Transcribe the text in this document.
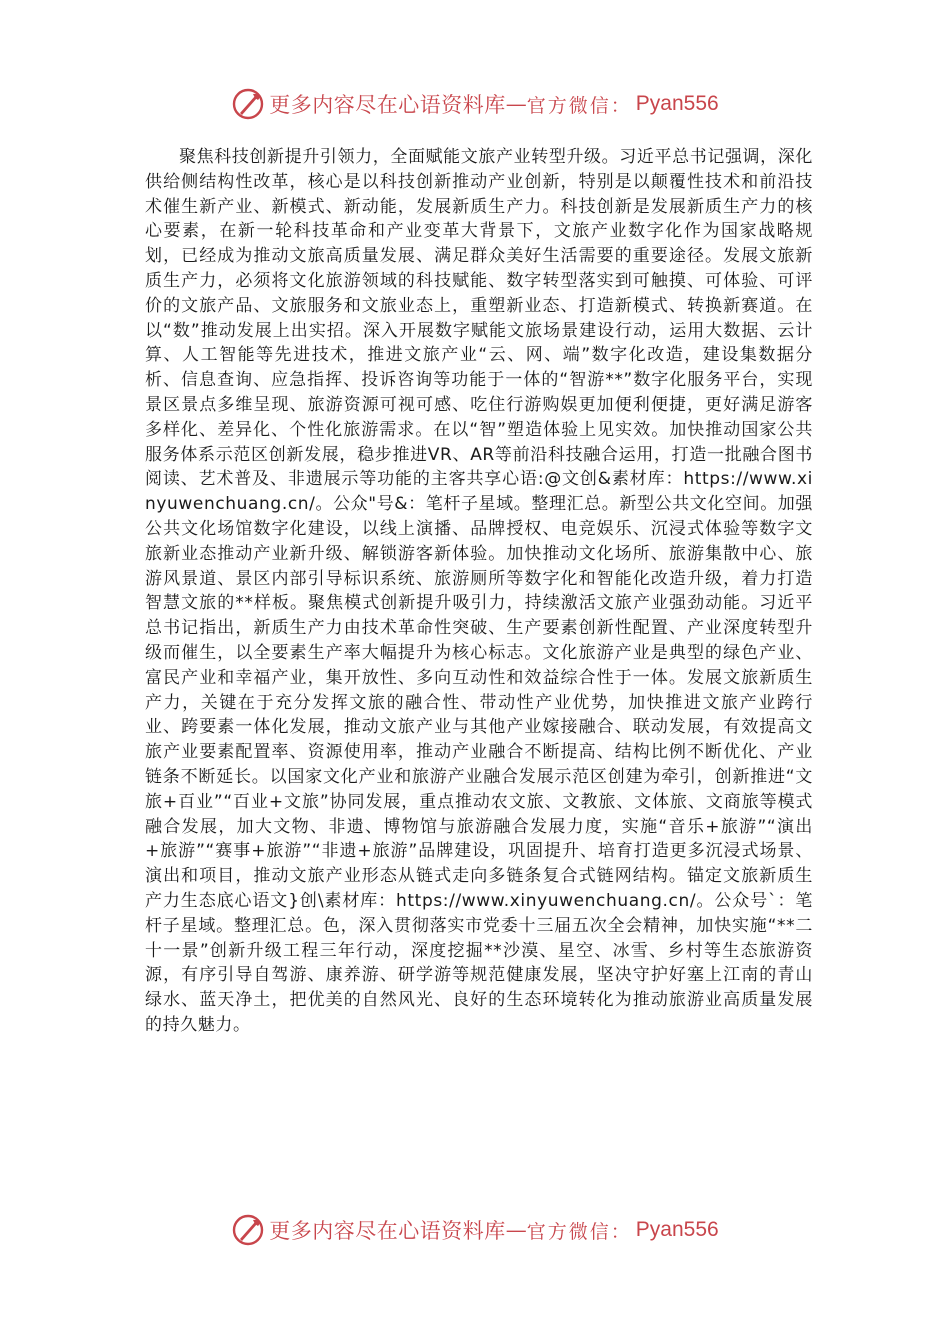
更多内容尽在心语资料库 — 官方微信： Pyan556

聚焦科技创新提升引领力，全面赋能文旅产业转型升级。习近平总书记强调，深化供给侧结构性改革，核心是以科技创新推动产业创新，特别是以颠覆性技术和前沿技术催生新产业、新模式、新动能，发展新质生产力。科技创新是发展新质生产力的核心要素，在新一轮科技革命和产业变革大背景下，文旅产业数字化作为国家战略规划，已经成为推动文旅高质量发展、满足群众美好生活需要的重要途径。发展文旅新质生产力，必须将文化旅游领域的科技赋能、数字转型落实到可触摸、可体验、可评价的文旅产品、文旅服务和文旅业态上，重塑新业态、打造新模式、转换新赛道。在以“数”推动发展上出实招。深入开展数字赋能文旅场景建设行动，运用大数据、云计算、人工智能等先进技术，推进文旅产业“云、网、端”数字化改造，建设集数据分析、信息查询、应急指挥、投诉咨询等功能于一体的“智游**”数字化服务平台，实现景区景点多维呈现、旅游资源可视可感、吃住行游购娱更加便利便捷，更好满足游客多样化、差异化、个性化旅游需求。在以“智”塑造体验上见实效。加快推动国家公共服务体系示范区创新发展，稳步推进VR、AR等前沿科技融合运用，打造一批融合图书阅读、艺术普及、非遗展示等功能的主客共享心语:@文创&素材库：https://www.xinyuwenchuang.cn/。公众"号&：笔杆子星域。整理汇总。新型公共文化空间。加强公共文化场馆数字化建设，以线上演播、品牌授权、电竞娱乐、沉浸式体验等数字文旅新业态推动产业新升级、解锁游客新体验。加快推动文化场所、旅游集散中心、旅游风景道、景区内部引导标识系统、旅游厕所等数字化和智能化改造升级，着力打造智慧文旅的**样板。聚焦模式创新提升吸引力，持续激活文旅产业强劲动能。习近平总书记指出，新质生产力由技术革命性突破、生产要素创新性配置、产业深度转型升级而催生，以全要素生产率大幅提升为核心标志。文化旅游产业是典型的绿色产业、富民产业和幸福产业，集开放性、多向互动性和效益综合性于一体。发展文旅新质生产力，关键在于充分发挥文旅的融合性、带动性产业优势，加快推进文旅产业跨行业、跨要素一体化发展，推动文旅产业与其他产业嫁接融合、联动发展，有效提高文旅产业要素配置率、资源使用率，推动产业融合不断提高、结构比例不断优化、产业链条不断延长。以国家文化产业和旅游产业融合发展示范区创建为牵引，创新推进“文旅+百业”“百业+文旅”协同发展，重点推动农文旅、文教旅、文体旅、文商旅等模式融合发展，加大文物、非遗、博物馆与旅游融合发展力度，实施“音乐+旅游”“演出+旅游”“赛事+旅游”“非遗+旅游”品牌建设，巩固提升、培育打造更多沉浸式场景、演出和项目，推动文旅产业形态从链式走向多链条复合式链网结构。锚定文旅新质生产力生态底心语文}创\素材库：https://www.xinyuwenchuang.cn/。公众号`：笔杆子星域。整理汇总。色，深入贯彻落实市党委十三届五次全会精神，加快实施“**二十一景”创新升级工程三年行动，深度挖掘**沙漠、星空、冰雪、乡村等生态旅游资源，有序引导自驾游、康养游、研学游等规范健康发展，坚决守护好塞上江南的青山绿水、蓝天净土，把优美的自然风光、良好的生态环境转化为推动旅游业高质量发展的持久魅力。

更多内容尽在心语资料库 — 官方微信： Pyan556
